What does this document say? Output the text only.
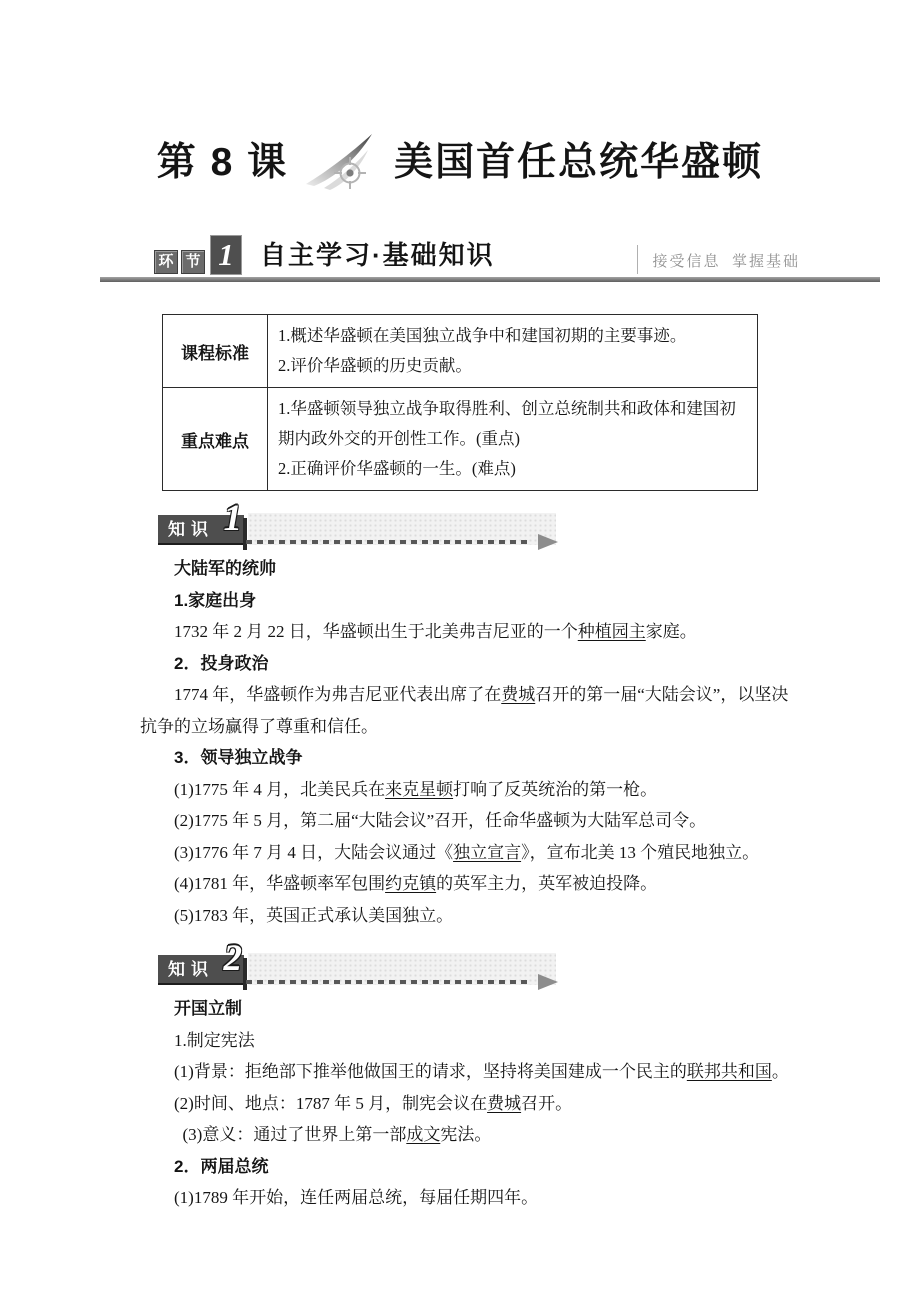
第 8 课	美国首任总统华盛顿
环 节 1	自主学习·基础知识	接受信息  掌握基础
课程标准	1.概述华盛顿在美国独立战争中和建国初期的主要事迹。
2.评价华盛顿的历史贡献。

重点难点	1.华盛顿领导独立战争取得胜利、创立总统制共和政体和建国初期内政外交的开创性工作。(重点)
2.正确评价华盛顿的一生。(难点)
知识 1
大陆军的统帅
1.家庭出身
1732 年 2 月 22 日，华盛顿出生于北美弗吉尼亚的一个种植园主家庭。
2．投身政治
1774 年，华盛顿作为弗吉尼亚代表出席了在费城召开的第一届“大陆会议”，以坚决抗争的立场赢得了尊重和信任。
3．领导独立战争
(1)1775 年 4 月，北美民兵在来克星顿打响了反英统治的第一枪。
(2)1775 年 5 月，第二届“大陆会议”召开，任命华盛顿为大陆军总司令。
(3)1776 年 7 月 4 日，大陆会议通过《独立宣言》，宣布北美 13 个殖民地独立。
(4)1781 年，华盛顿率军包围约克镇的英军主力，英军被迫投降。
(5)1783 年，英国正式承认美国独立。
知识 2
开国立制
1.制定宪法
(1)背景：拒绝部下推举他做国王的请求，坚持将美国建成一个民主的联邦共和国。
(2)时间、地点：1787 年 5 月，制宪会议在费城召开。
 (3)意义：通过了世界上第一部成文宪法。
2．两届总统
(1)1789 年开始，连任两届总统，每届任期四年。
